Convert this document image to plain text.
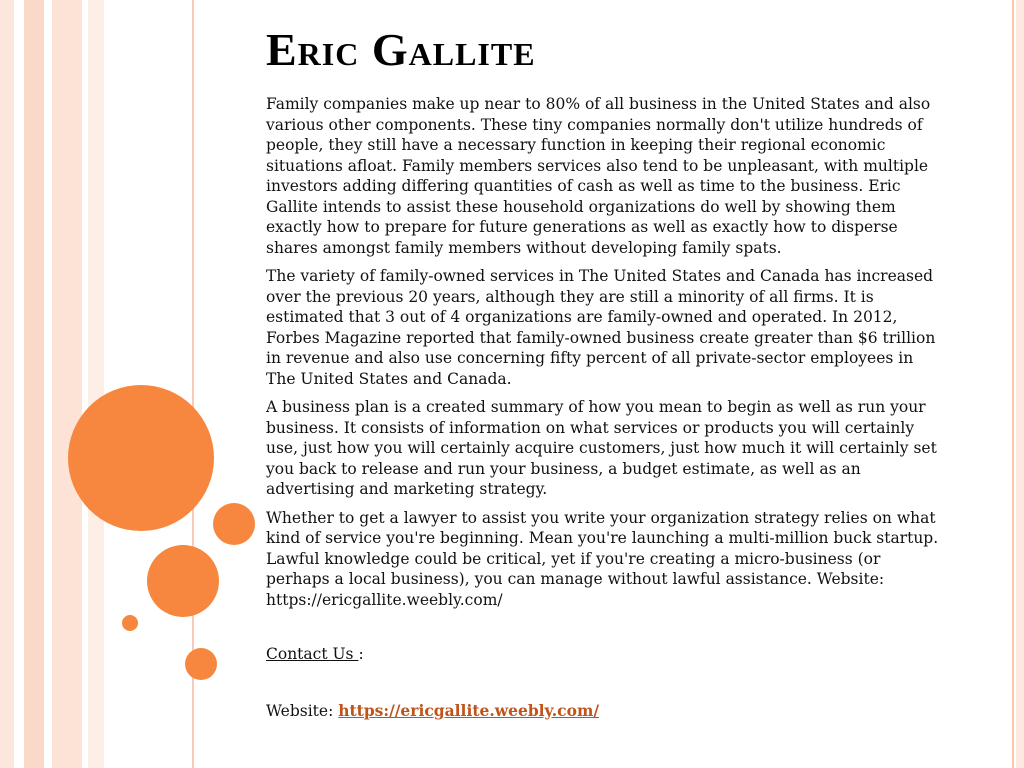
Eric Gallite

Family companies make up near to 80% of all business in the United States and also various other components. These tiny companies normally don't utilize hundreds of people, they still have a necessary function in keeping their regional economic situations afloat. Family members services also tend to be unpleasant, with multiple investors adding differing quantities of cash as well as time to the business. Eric Gallite intends to assist these household organizations do well by showing them exactly how to prepare for future generations as well as exactly how to disperse shares amongst family members without developing family spats.

The variety of family-owned services in The United States and Canada has increased over the previous 20 years, although they are still a minority of all firms. It is estimated that 3 out of 4 organizations are family-owned and operated. In 2012, Forbes Magazine reported that family-owned business create greater than $6 trillion in revenue and also use concerning fifty percent of all private-sector employees in The United States and Canada.

A business plan is a created summary of how you mean to begin as well as run your business. It consists of information on what services or products you will certainly use, just how you will certainly acquire customers, just how much it will certainly set you back to release and run your business, a budget estimate, as well as an advertising and marketing strategy.

Whether to get a lawyer to assist you write your organization strategy relies on what kind of service you're beginning. Mean you're launching a multi-million buck startup. Lawful knowledge could be critical, yet if you're creating a micro-business (or perhaps a local business), you can manage without lawful assistance. Website: https://ericgallite.weebly.com/

Contact Us :
Website: https://ericgallite.weebly.com/
